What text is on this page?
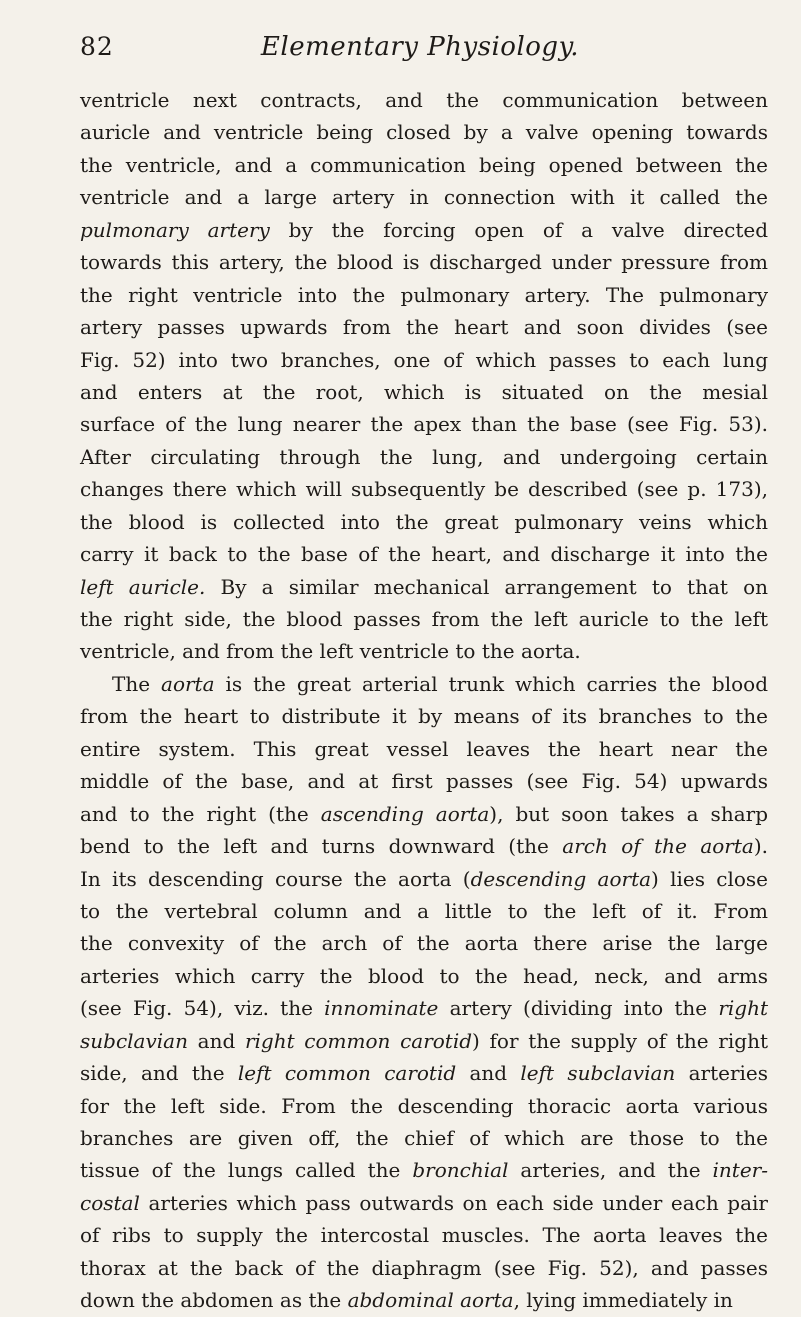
82	Elementary Physiology.
ventricle next contracts, and the communication between
auricle and ventricle being closed by a valve opening towards
the ventricle, and a communication being opened between the
ventricle and a large artery in connection with it called the
pulmonary artery by the forcing open of a valve directed
towards this artery, the blood is discharged under pressure from
the right ventricle into the pulmonary artery. The pulmonary
artery passes upwards from the heart and soon divides (see
Fig. 52) into two branches, one of which passes to each lung
and enters at the root, which is situated on the mesial
surface of the lung nearer the apex than the base (see Fig. 53).
After circulating through the lung, and undergoing certain
changes there which will subsequently be described (see p. 173),
the blood is collected into the great pulmonary veins which
carry it back to the base of the heart, and discharge it into the
left auricle. By a similar mechanical arrangement to that on
the right side, the blood passes from the left auricle to the left
ventricle, and from the left ventricle to the aorta.
The aorta is the great arterial trunk which carries the blood
from the heart to distribute it by means of its branches to the
entire system. This great vessel leaves the heart near the
middle of the base, and at first passes (see Fig. 54) upwards
and to the right (the ascending aorta), but soon takes a sharp
bend to the left and turns downward (the arch of the aorta).
In its descending course the aorta (descending aorta) lies close
to the vertebral column and a little to the left of it. From
the convexity of the arch of the aorta there arise the large
arteries which carry the blood to the head, neck, and arms
(see Fig. 54), viz. the innominate artery (dividing into the right
subclavian and right common carotid) for the supply of the right
side, and the left common carotid and left subclavian arteries
for the left side. From the descending thoracic aorta various
branches are given off, the chief of which are those to the
tissue of the lungs called the bronchial arteries, and the inter-
costal arteries which pass outwards on each side under each pair
of ribs to supply the intercostal muscles. The aorta leaves the
thorax at the back of the diaphragm (see Fig. 52), and passes
down the abdomen as the abdominal aorta, lying immediately in
